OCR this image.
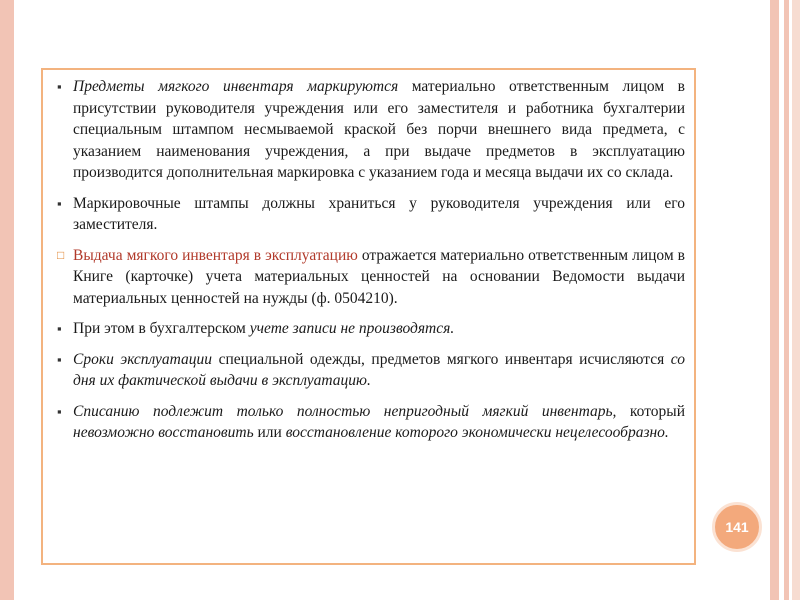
▪ Предметы мягкого инвентаря маркируются материально ответственным лицом в присутствии руководителя учреждения или его заместителя и работника бухгалтерии специальным штампом несмываемой краской без порчи внешнего вида предмета, с указанием наименования учреждения, а при выдаче предметов в эксплуатацию производится дополнительная маркировка с указанием года и месяца выдачи их со склада.
▪ Маркировочные штампы должны храниться у руководителя учреждения или его заместителя.
□ Выдача мягкого инвентаря в эксплуатацию отражается материально ответственным лицом в Книге (карточке) учета материальных ценностей на основании Ведомости выдачи материальных ценностей на нужды (ф. 0504210).
▪ При этом в бухгалтерском учете записи не производятся.
▪ Сроки эксплуатации специальной одежды, предметов мягкого инвентаря исчисляются со дня их фактической выдачи в эксплуатацию.
▪ Списанию подлежит только полностью непригодный мягкий инвентарь, который невозможно восстановить или восстановление которого экономически нецелесообразно.
141
